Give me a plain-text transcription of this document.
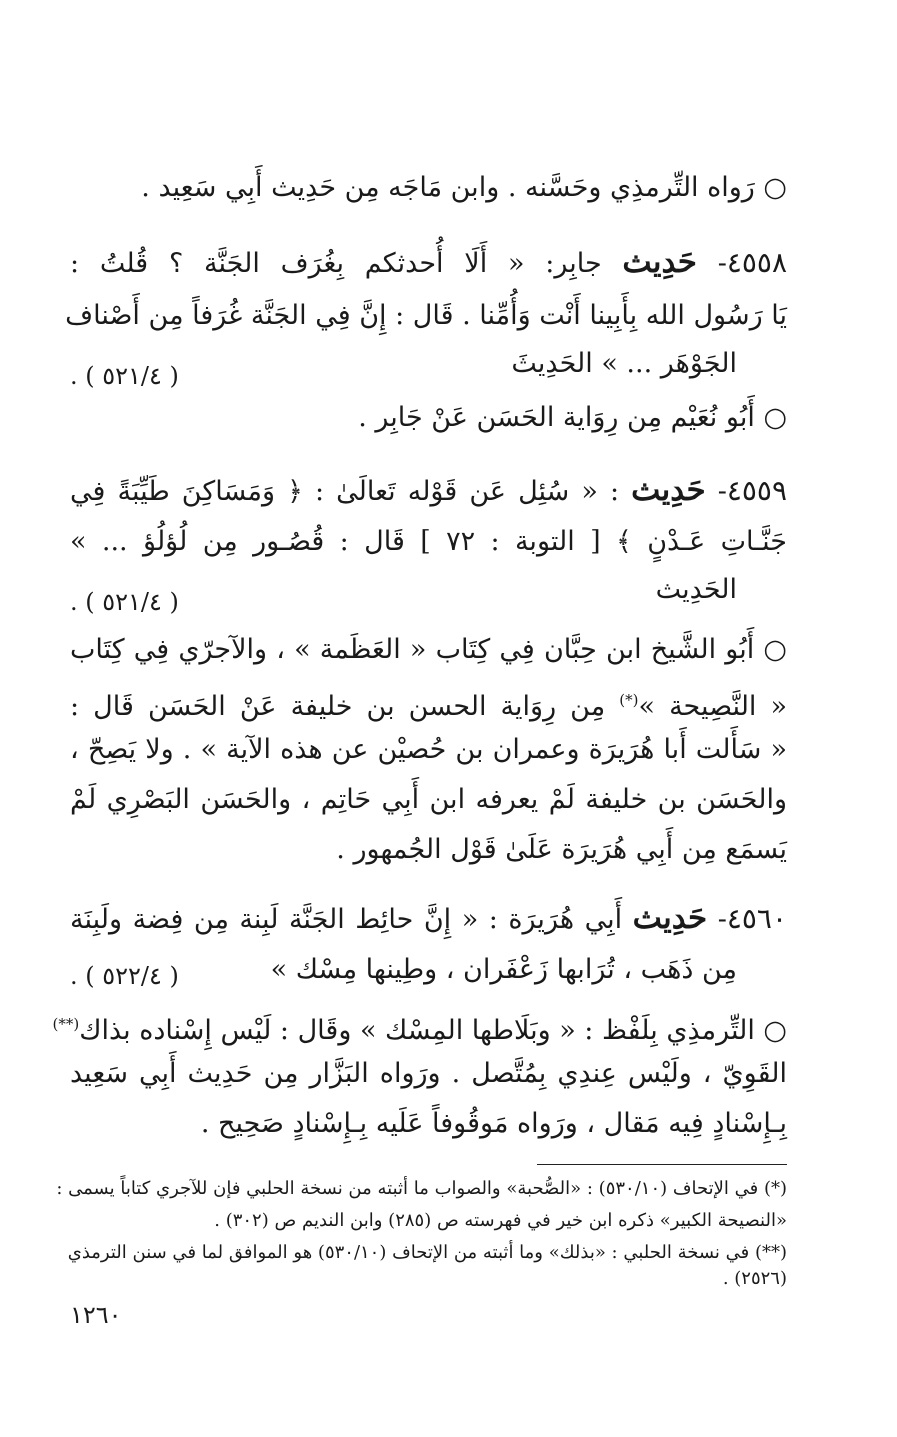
○ رَواه التِّرمذِي وحَسَّنه . وابن مَاجَه مِن حَدِيث أَبِي سَعِيد .
٤٥٥٨- حَدِيث جابِر: « أَلَا أُحدثكم بِغُرَف الجَنَّة ؟ قُلتُ :
يَا رَسُول الله بِأَبِينا أَنْت وَأُمِّنا . قَال : إِنَّ فِي الجَنَّة غُرَفاً مِن أَصْناف
الجَوْهَر ... » الحَدِيثَ
( ٥٢١/٤ ) .
○ أَبُو نُعَيْم مِن رِوَاية الحَسَن عَنْ جَابِر .
٤٥٥٩- حَدِيث : « سُئِل عَن قَوْله تَعالَىٰ : ﴿ وَمَسَاكِنَ طَيِّبَةً فِي
جَنَّـاتِ عَـدْنٍ ﴾ [ التوبة : ٧٢ ] قَال : قُصُـور مِن لُؤلُؤ ... »
الحَدِيث
( ٥٢١/٤ ) .
○ أَبُو الشَّيخ ابن حِبَّان فِي كِتَاب « العَظَمة » ، والآجرّي فِي كِتَاب
« النَّصِيحة »(*) مِن رِوَاية الحسن بن خليفة عَنْ الحَسَن قَال :
« سَأَلت أَبا هُرَيرَة وعمران بن حُصيْن عن هذه الآية » . ولا يَصِحّ ،
والحَسَن بن خليفة لَمْ يعرفه ابن أَبِي حَاتِم ، والحَسَن البَصْرِي لَمْ
يَسمَع مِن أَبِي هُرَيرَة عَلَىٰ قَوْل الجُمهور .
٤٥٦٠- حَدِيث أَبِي هُرَيرَة : « إِنَّ حائِط الجَنَّة لَبِنة مِن فِضة ولَبِنَة
مِن ذَهَب ، تُرَابها زَعْفَران ، وطِينها مِسْك »
( ٥٢٢/٤ ) .
○ التِّرمذِي بِلَفْظ : « وبَلَاطها المِسْك » وقَال : لَيْس إِسْناده بذاك(**)
القَوِيّ ، ولَيْس عِندِي بِمُتَّصل . ورَواه البَزَّار مِن حَدِيث أَبِي سَعِيد
بِـإِسْنادٍ فِيه مَقال ، ورَواه مَوقُوفاً عَلَيه بِـإِسْنادٍ صَحِيح .
(*) في الإتحاف (٥٣٠/١٠) : «الصُّحبة» والصواب ما أثبته من نسخة الحلبي فإن للآجري كتاباً يسمى :
«النصيحة الكبير» ذكره ابن خير في فهرسته ص (٢٨٥) وابن النديم ص (٣٠٢) .
(**) في نسخة الحلبي : «بذلك» وما أثبته من الإتحاف (٥٣٠/١٠) هو الموافق لما في سنن الترمذي
(٢٥٢٦) .
١٢٦٠
